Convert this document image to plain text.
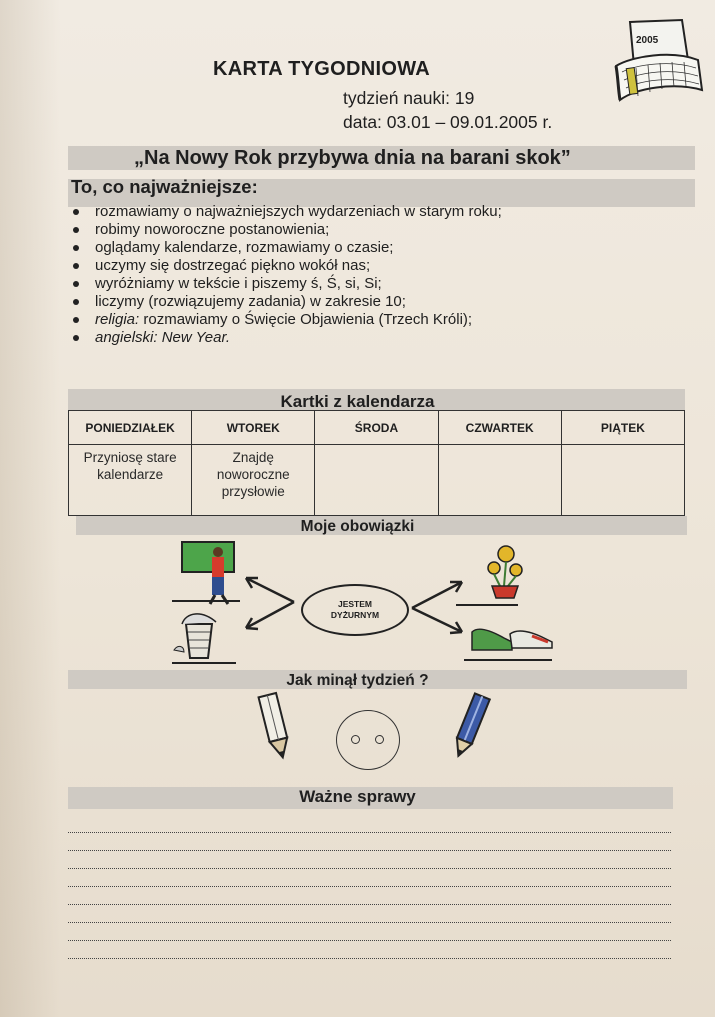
2005
KARTA TYGODNIOWA
tydzień nauki: 19
data: 03.01 – 09.01.2005 r.
„Na Nowy Rok przybywa dnia na barani skok”
To, co najważniejsze:
rozmawiamy o najważniejszych wydarzeniach w starym roku;
robimy noworoczne postanowienia;
oglądamy kalendarze, rozmawiamy o czasie;
uczymy się dostrzegać piękno wokół nas;
wyróżniamy w tekście i piszemy ś, Ś, si, Si;
liczymy (rozwiązujemy zadania) w zakresie 10;
religia: rozmawiamy o Święcie Objawienia (Trzech Króli);
angielski: New Year.
Kartki z kalendarza
PONIEDZIAŁEK	WTOREK	ŚRODA	CZWARTEK	PIĄTEK
Przyniosę stare kalendarze	Znajdę noworoczne przysłowie			
Moje obowiązki
JESTEM
DYŻURNYM
Jak minął tydzień ?
Ważne sprawy
